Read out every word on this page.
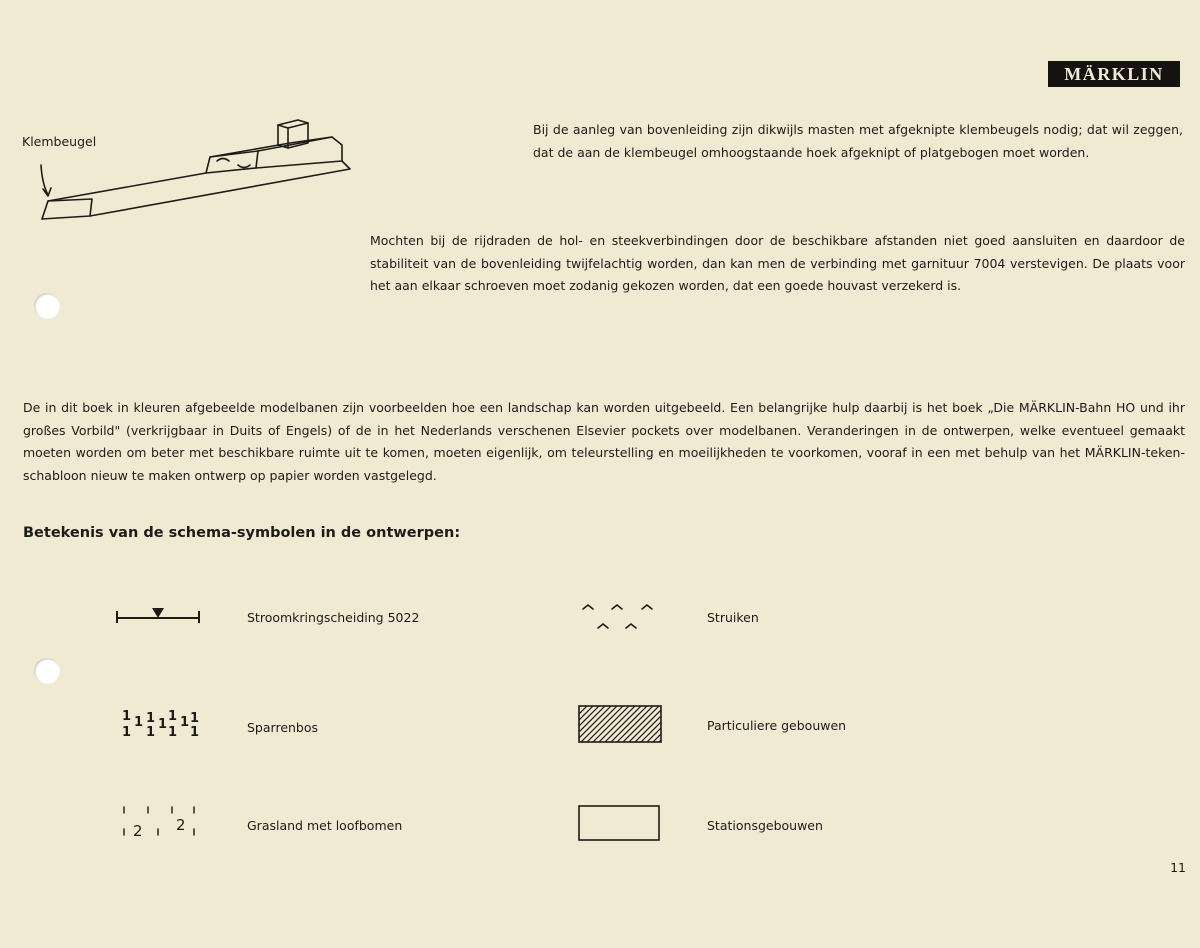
MÄRKLIN
Klembeugel
Bij de aanleg van bovenleiding zijn dikwijls masten met afgeknipte klembeugels nodig; dat wil zeggen, dat de aan de klembeugel omhoogstaande hoek afgeknipt of platgebogen moet worden.
Mochten bij de rijdraden de hol- en steekverbindingen door de beschikbare afstanden niet goed aansluiten en daardoor de stabiliteit van de bovenleiding twijfelachtig worden, dan kan men de verbinding met garnituur 7004 verstevigen. De plaats voor het aan elkaar schroeven moet zodanig gekozen worden, dat een goede houvast verzekerd is.
De in dit boek in kleuren afgebeelde modelbanen zijn voorbeelden hoe een landschap kan worden uitgebeeld. Een belangrijke hulp daarbij is het boek „Die MÄRKLIN-Bahn HO und ihr großes Vorbild" (verkrijgbaar in Duits of Engels) of de in het Nederlands verschenen Elsevier pockets over modelbanen. Veranderingen in de ontwerpen, welke eventueel gemaakt moeten worden om beter met beschikbare ruimte uit te komen, moeten eigenlijk, om teleurstelling en moeilijkheden te voorkomen, vooraf in een met behulp van het MÄRKLIN-teken-schabloon nieuw te maken ontwerp op papier worden vastgelegd.
Betekenis van de schema-symbolen in de ontwerpen:
Stroomkringscheiding 5022	Struiken
1 1 1 1
1 1 1
1 1 1 1	Sparrenbos	Particuliere gebouwen
2 2	Grasland met loofbomen	Stationsgebouwen
11
